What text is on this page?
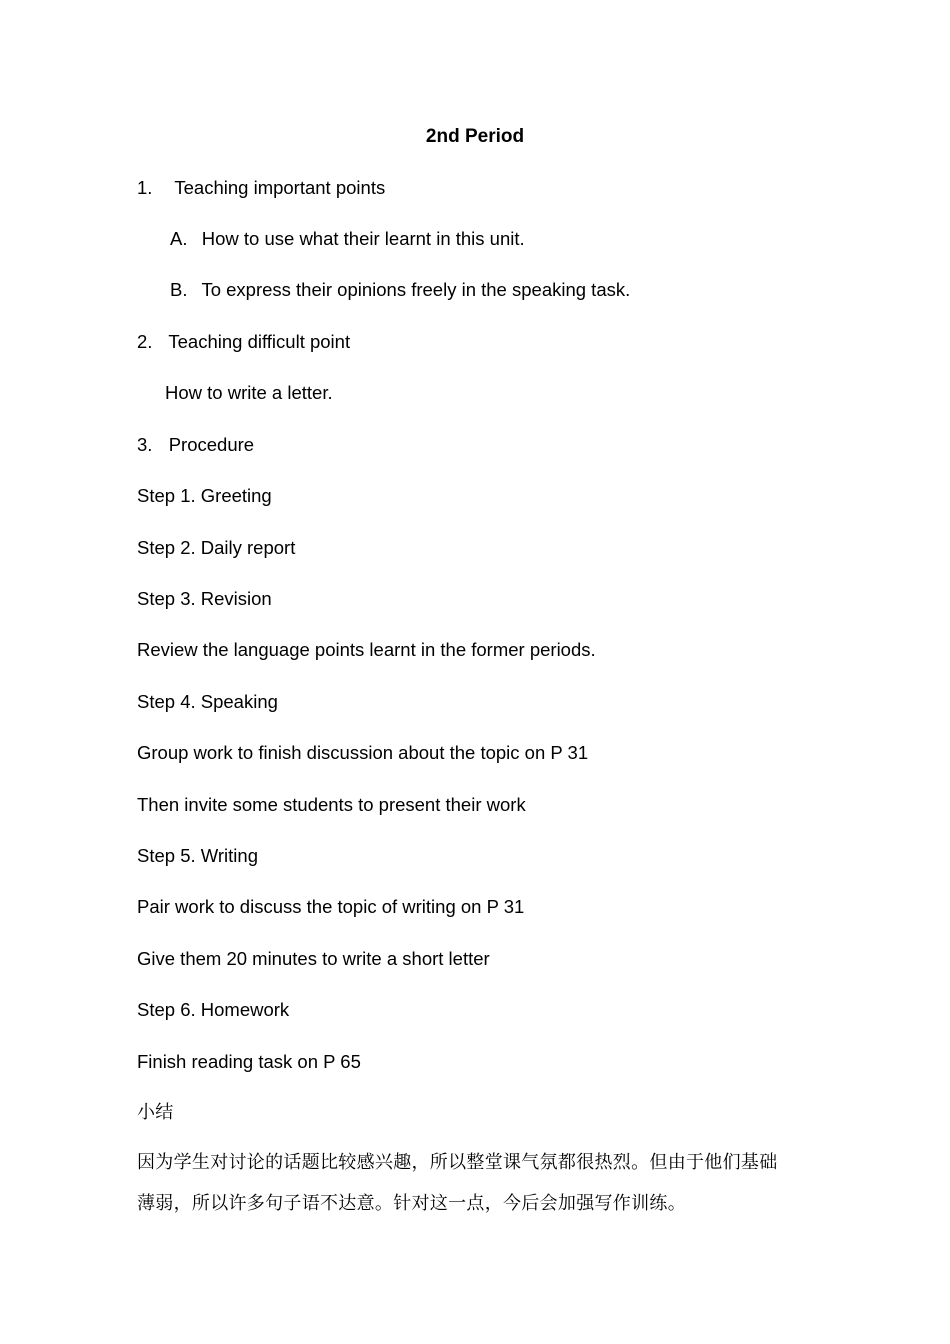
2nd Period
1. Teaching important points
A. How to use what their learnt in this unit.
B. To express their opinions freely in the speaking task.
2. Teaching difficult point
How to write a letter.
3. Procedure
Step 1. Greeting
Step 2. Daily report
Step 3. Revision
Review the language points learnt in the former periods.
Step 4. Speaking
Group work to finish discussion about the topic on P 31
Then invite some students to present their work
Step 5. Writing
Pair work to discuss the topic of writing on P 31
Give them 20 minutes to write a short letter
Step 6. Homework
Finish reading task on P 65
小结
因为学生对讨论的话题比较感兴趣，所以整堂课气氛都很热烈。但由于他们基础
薄弱，所以许多句子语不达意。针对这一点，今后会加强写作训练。
